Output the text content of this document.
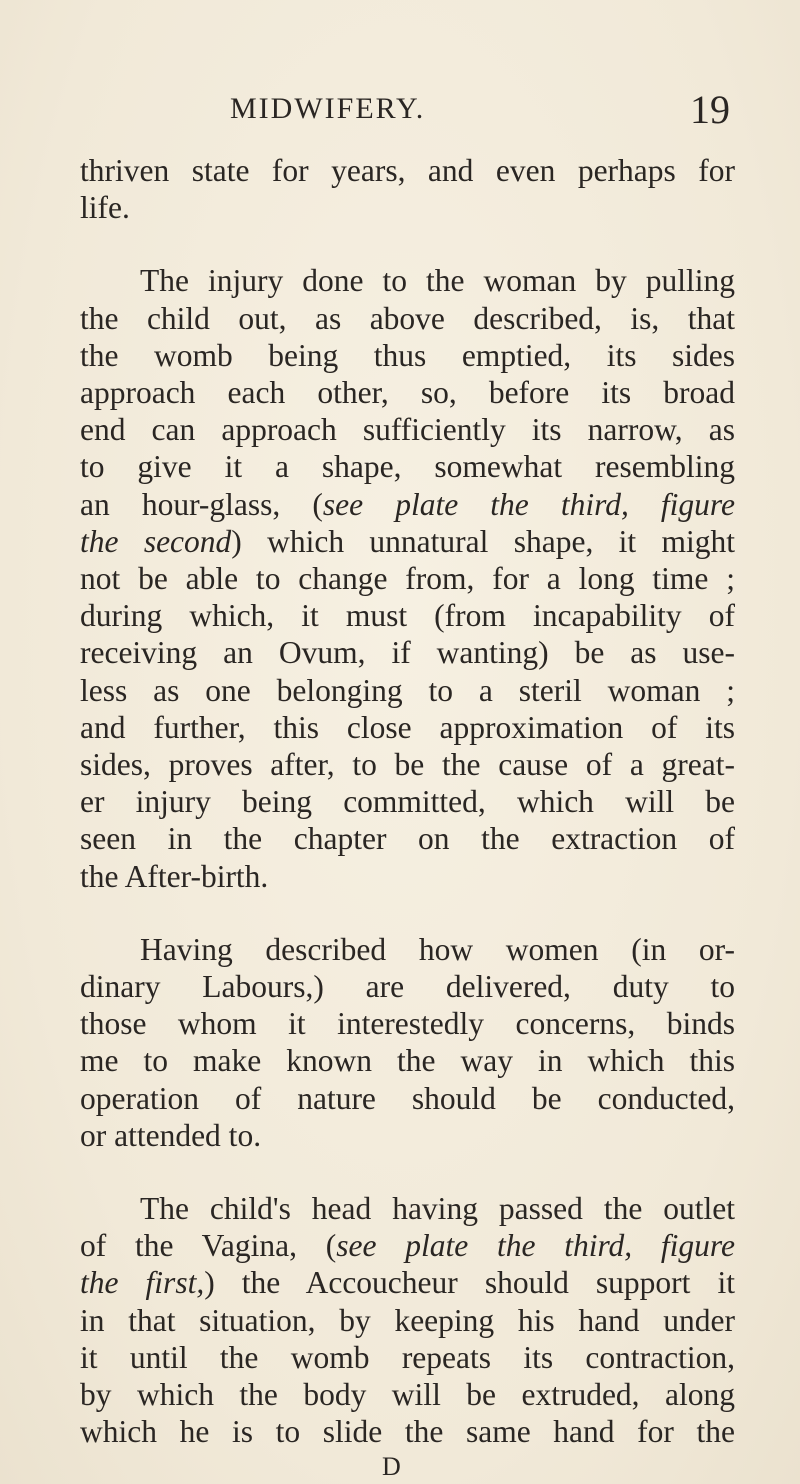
MIDWIFERY.	19

thriven state for years, and even perhaps for
life.

The injury done to the woman by pulling
the child out, as above described, is, that
the womb being thus emptied, its sides
approach each other, so, before its broad
end can approach sufficiently its narrow, as
to give it a shape, somewhat resembling
an hour-glass, (see plate the third, figure
the second) which unnatural shape, it might
not be able to change from, for a long time ;
during which, it must (from incapability of
receiving an Ovum, if wanting) be as use-
less as one belonging to a steril woman ;
and further, this close approximation of its
sides, proves after, to be the cause of a great-
er injury being committed, which will be
seen in the chapter on the extraction of
the After-birth.

Having described how women (in or-
dinary Labours,) are delivered, duty to
those whom it interestedly concerns, binds
me to make known the way in which this
operation of nature should be conducted,
or attended to.

The child's head having passed the outlet
of the Vagina, (see plate the third, figure
the first,) the Accoucheur should support it
in that situation, by keeping his hand under
it until the womb repeats its contraction,
by which the body will be extruded, along
which he is to slide the same hand for the

D
